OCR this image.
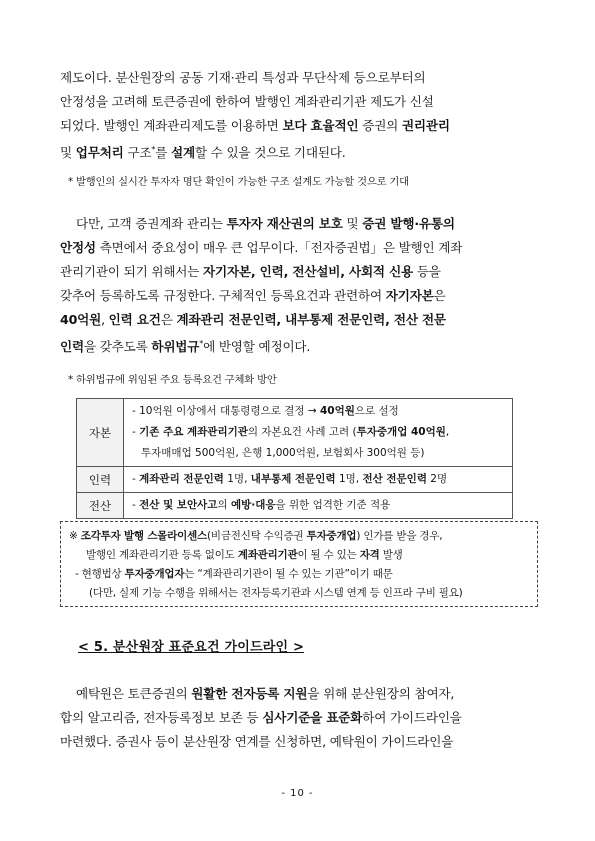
제도이다. 분산원장의 공동 기재·관리 특성과 무단삭제 등으로부터의
안정성을 고려해 토큰증권에 한하여 발행인 계좌관리기관 제도가 신설
되었다. 발행인 계좌관리제도를 이용하면 보다 효율적인 증권의 권리관리
및 업무처리 구조*를 설계할 수 있을 것으로 기대된다.
* 발행인의 실시간 투자자 명단 확인이 가능한 구조 설계도 가능할 것으로 기대
다만, 고객 증권계좌 관리는 투자자 재산권의 보호 및 증권 발행·유통의
안정성 측면에서 중요성이 매우 큰 업무이다.「전자증권법」은 발행인 계좌
관리기관이 되기 위해서는 자기자본, 인력, 전산설비, 사회적 신용 등을
갖추어 등록하도록 규정한다. 구체적인 등록요건과 관련하여 자기자본은
40억원, 인력 요건은 계좌관리 전문인력, 내부통제 전문인력, 전산 전문
인력을 갖추도록 하위법규*에 반영할 예정이다.
* 하위법규에 위임된 주요 등록요건 구체화 방안
자본	- 10억원 이상에서 대통령령으로 결정 → 40억원으로 설정
- 기존 주요 계좌관리기관의 자본요건 사례 고려 (투자중개업 40억원,
투자매매업 500억원, 은행 1,000억원, 보험회사 300억원 등)

인력	- 계좌관리 전문인력 1명, 내부통제 전문인력 1명, 전산 전문인력 2명
전산	- 전산 및 보안사고의 예방·대응을 위한 엄격한 기준 적용
※ 조각투자 발행 스몰라이센스(비금전신탁 수익증권 투자중개업) 인가를 받을 경우,
발행인 계좌관리기관 등록 없이도 계좌관리기관이 될 수 있는 자격 발생
- 현행법상 투자중개업자는 “계좌관리기관이 될 수 있는 기관”이기 때문
(다만, 실제 기능 수행을 위해서는 전자등록기관과 시스템 연계 등 인프라 구비 필요)
< 5. 분산원장 표준요건 가이드라인 >
예탁원은 토큰증권의 원활한 전자등록 지원을 위해 분산원장의 참여자,
합의 알고리즘, 전자등록정보 보존 등 심사기준을 표준화하여 가이드라인을
마련했다. 증권사 등이 분산원장 연계를 신청하면, 예탁원이 가이드라인을
- 10 -
